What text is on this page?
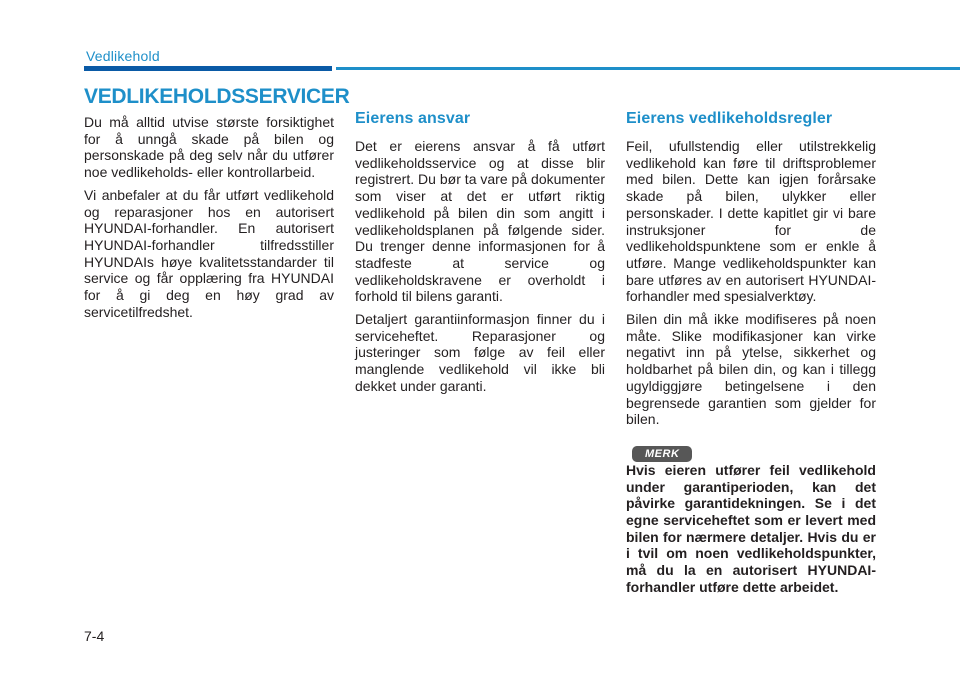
Vedlikehold
VEDLIKEHOLDSSERVICER

Du må alltid utvise største forsiktighet for å unngå skade på bilen og personskade på deg selv når du utfører noe vedlikeholds- eller kontrollarbeid.

Vi anbefaler at du får utført vedlikehold og reparasjoner hos en autorisert HYUNDAI-forhandler. En autorisert HYUNDAI-forhandler tilfredsstiller HYUNDAIs høye kvalitetsstandarder til service og får opplæring fra HYUNDAI for å gi deg en høy grad av servicetilfredshet.

Eierens ansvar

Det er eierens ansvar å få utført vedlikeholdsservice og at disse blir registrert. Du bør ta vare på dokumenter som viser at det er utført riktig vedlikehold på bilen din som angitt i vedlikeholdsplanen på følgende sider. Du trenger denne informasjonen for å stadfeste at service og vedlikeholdskravene er overholdt i forhold til bilens garanti.

Detaljert garantiinformasjon finner du i serviceheftet. Reparasjoner og justeringer som følge av feil eller manglende vedlikehold vil ikke bli dekket under garanti.

Eierens vedlikeholdsregler

Feil, ufullstendig eller utilstrekkelig vedlikehold kan føre til driftsproblemer med bilen. Dette kan igjen forårsake skade på bilen, ulykker eller personskader. I dette kapitlet gir vi bare instruksjoner for de vedlikeholdspunktene som er enkle å utføre. Mange vedlikeholdspunkter kan bare utføres av en autorisert HYUNDAI-forhandler med spesialverktøy.

Bilen din må ikke modifiseres på noen måte. Slike modifikasjoner kan virke negativt inn på ytelse, sikkerhet og holdbarhet på bilen din, og kan i tillegg ugyldiggjøre betingelsene i den begrensede garantien som gjelder for bilen.

MERK

Hvis eieren utfører feil vedlikehold under garantiperioden, kan det påvirke garantidekningen. Se i det egne serviceheftet som er levert med bilen for nærmere detaljer. Hvis du er i tvil om noen vedlikeholdspunkter, må du la en autorisert HYUNDAI-forhandler utføre dette arbeidet.

7-4
